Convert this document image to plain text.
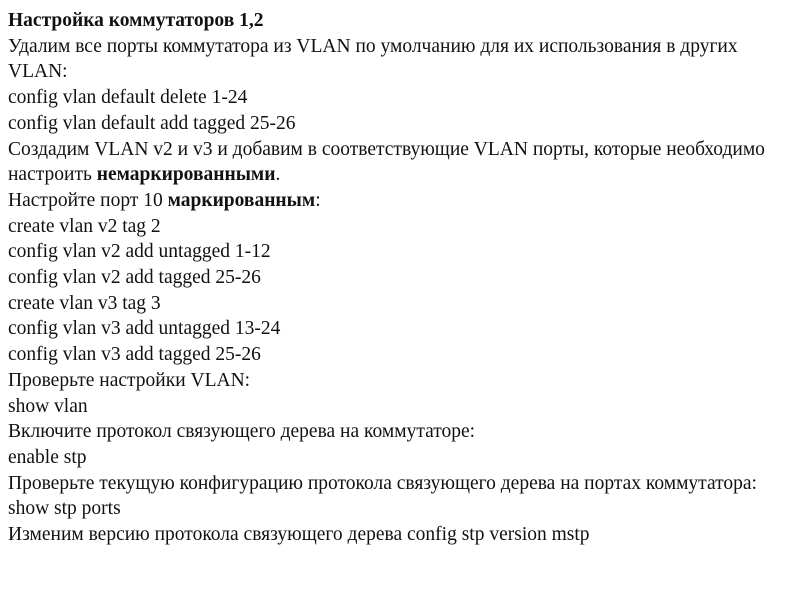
Настройка коммутаторов 1,2
Удалим все порты коммутатора из VLAN по умолчанию для их использования в других VLAN:
config vlan default delete 1-24
config vlan default add tagged 25-26
Создадим VLAN v2 и v3 и добавим в соответствующие VLAN порты, которые необходимо настроить немаркированными.
Настройте порт 10 маркированным:
create vlan v2 tag 2
config vlan v2 add untagged 1-12
config vlan v2 add tagged 25-26
create vlan v3 tag 3
config vlan v3 add untagged 13-24
config vlan v3 add tagged 25-26
Проверьте настройки VLAN:
show vlan
Включите протокол связующего дерева на коммутаторе:
enable stp
Проверьте текущую конфигурацию протокола связующего дерева на портах коммутатора:
show stp ports
Изменим версию протокола связующего дерева config stp version mstp
